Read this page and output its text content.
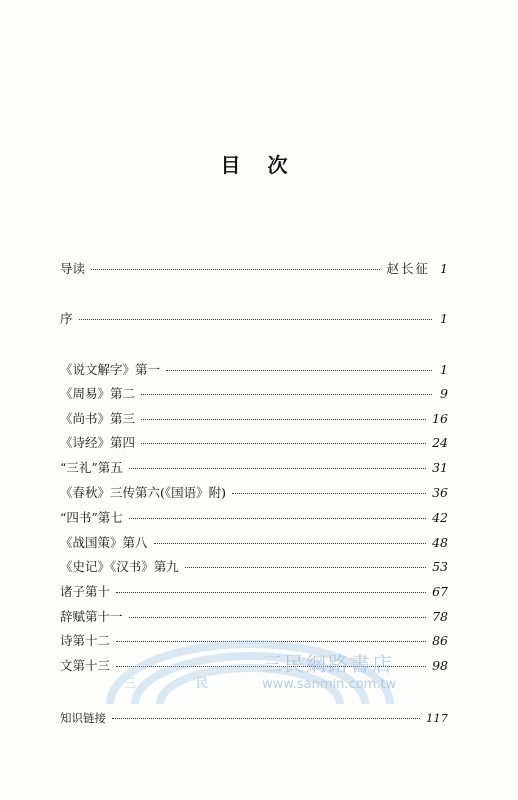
目 次
导读	赵长征 1
序	1
《说文解字》第一	1
《周易》第二	9
《尚书》第三	16
《诗经》第四	24
“三礼”第五	31
《春秋》三传第六(《国语》附)	36
“四书”第七	42
《战国策》第八	48
《史记》《汉书》第九	53
诸子第十	67
辞赋第十一	78
诗第十二	86
文第十三	98
知识链接	117
三	民
三民網路書店
www.sanmin.com.tw
